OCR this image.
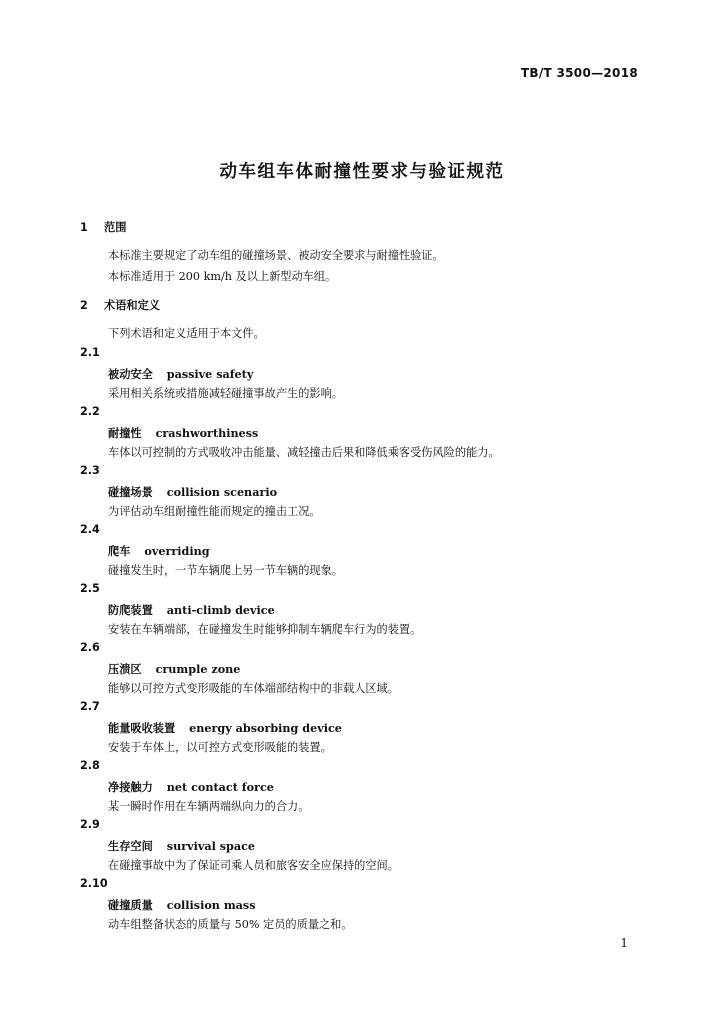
TB/T 3500—2018
动车组车体耐撞性要求与验证规范
1 范围
本标准主要规定了动车组的碰撞场景、被动安全要求与耐撞性验证。
本标准适用于 200 km/h 及以上新型动车组。
2 术语和定义
下列术语和定义适用于本文件。
2.1
被动安全 passive safety
采用相关系统或措施减轻碰撞事故产生的影响。
2.2
耐撞性 crashworthiness
车体以可控制的方式吸收冲击能量、减轻撞击后果和降低乘客受伤风险的能力。
2.3
碰撞场景 collision scenario
为评估动车组耐撞性能而规定的撞击工况。
2.4
爬车 overriding
碰撞发生时，一节车辆爬上另一节车辆的现象。
2.5
防爬装置 anti-climb device
安装在车辆端部，在碰撞发生时能够抑制车辆爬车行为的装置。
2.6
压溃区 crumple zone
能够以可控方式变形吸能的车体端部结构中的非载人区域。
2.7
能量吸收装置 energy absorbing device
安装于车体上，以可控方式变形吸能的装置。
2.8
净接触力 net contact force
某一瞬时作用在车辆两端纵向力的合力。
2.9
生存空间 survival space
在碰撞事故中为了保证司乘人员和旅客安全应保持的空间。
2.10
碰撞质量 collision mass
动车组整备状态的质量与 50% 定员的质量之和。
1
